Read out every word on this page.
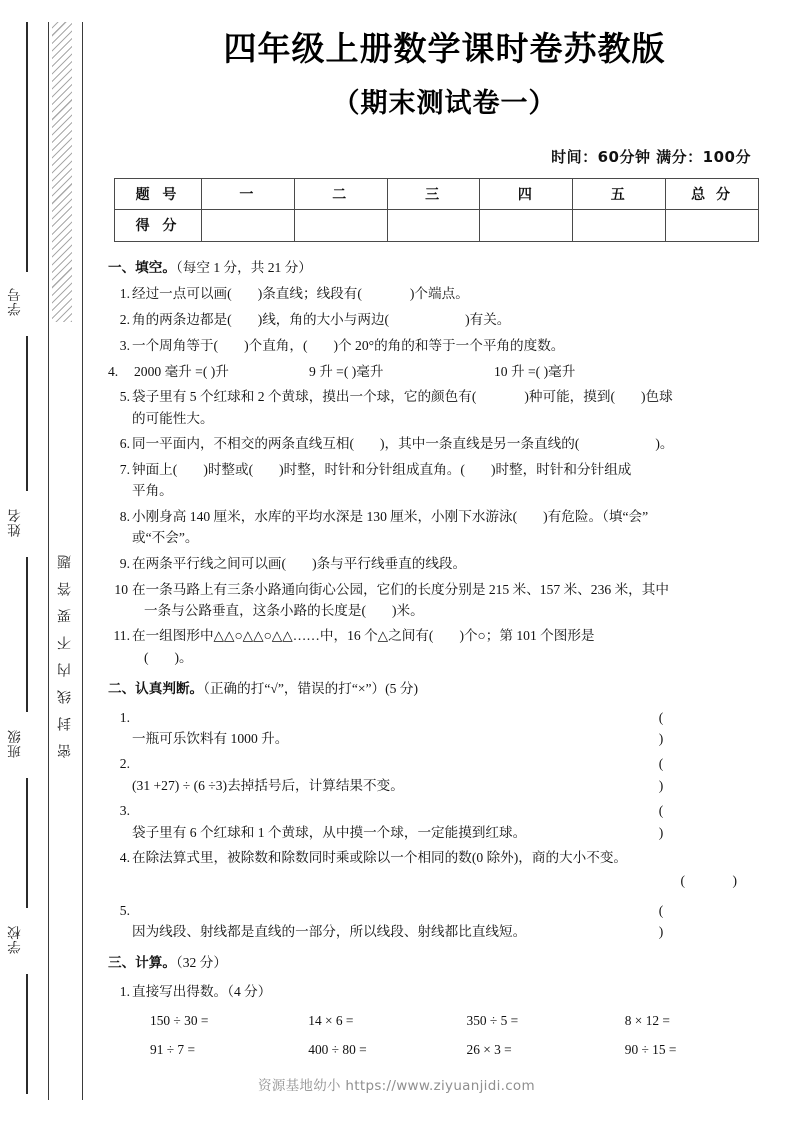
学号
姓名
班级
学校
密封线内不要答题
四年级上册数学课时卷苏教版
（期末测试卷一）
时间：60分钟 满分：100分
题 号	一	二	三	四	五	总 分
得 分						
一、填空。（每空 1 分，共 21 分）
1. 经过一点可以画( )条直线；线段有(	)个端点。
2. 角的两条边都是( )线，角的大小与两边(	)有关。
3. 一个周角等于( )个直角，( )个 20°的角的和等于一个平角的度数。
4.	2000 毫升 =( )升	9 升 =( )毫升	10 升 =( )毫升
5. 袋子里有 5 个红球和 2 个黄球，摸出一个球，它的颜色有(	)种可能，摸到( )色球
的可能性大。
6. 同一平面内，不相交的两条直线互相( )，其中一条直线是另一条直线的(	)。
7. 钟面上( )时整或( )时整，时针和分针组成直角。( )时整，时针和分针组成
平角。
8. 小刚身高 140 厘米，水库的平均水深是 130 厘米，小刚下水游泳( )有危险。（填“会”
或“不会”。
9. 在两条平行线之间可以画( )条与平行线垂直的线段。
10 在一条马路上有三条小路通向街心公园，它们的长度分别是 215 米、157 米、236 米，其中
一条与公路垂直，这条小路的长度是( )米。
11. 在一组图形中△△○△△○△△……中，16 个△之间有( )个○；第 101 个图形是
( )。
二、认真判断。（正确的打“√”，错误的打“×”）(5 分)
1.
一瓶可乐饮料有 1000 升。( )
2.
(31 +27) ÷ (6 ÷3)去掉括号后，计算结果不变。( )
3.
袋子里有 6 个红球和 1 个黄球，从中摸一个球，一定能摸到红球。( )
4. 在除法算式里，被除数和除数同时乘或除以一个相同的数(0 除外)，商的大小不变。
( )
5.
因为线段、射线都是直线的一部分，所以线段、射线都比直线短。( )
三、计算。（32 分）
1. 直接写出得数。（4 分）
150 ÷ 30 =	14 × 6 =	350 ÷ 5 =	8 × 12 =
91 ÷ 7 =	400 ÷ 80 =	26 × 3 =	90 ÷ 15 =
资源基地幼小 https://www.ziyuanjidi.com
